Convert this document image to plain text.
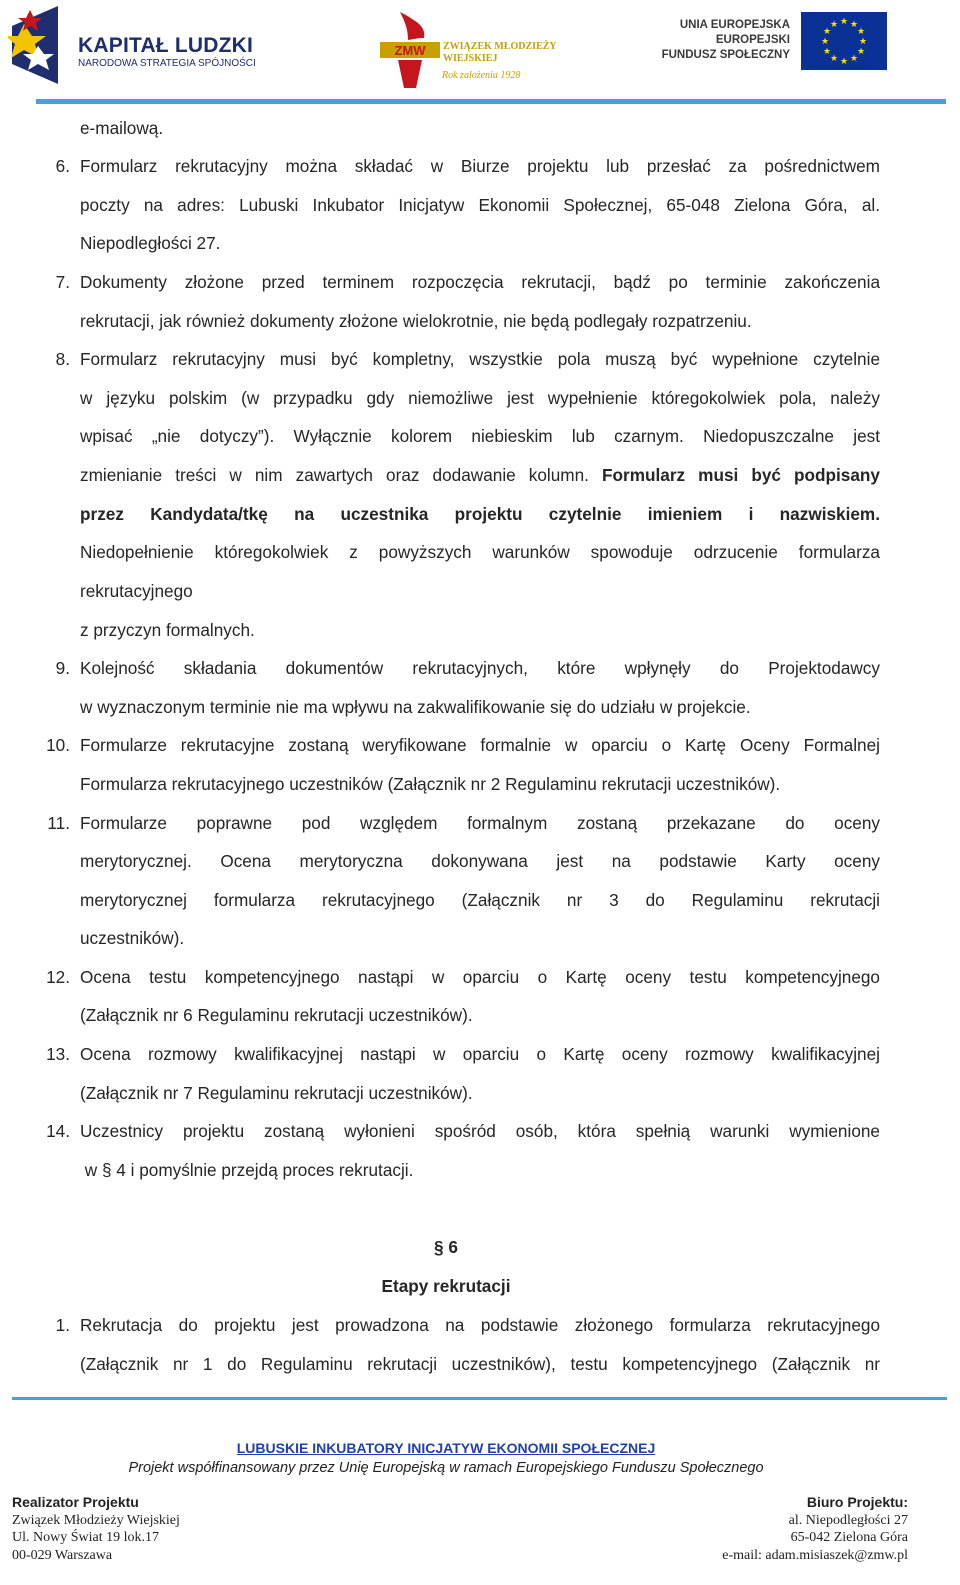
KAPITAŁ LUDZKI
NARODOWA STRATEGIA SPÓJNOŚCI
ZMW ZWIĄZEK MŁODZIEŻY
WIEJSKIEJ
Rok założenia 1928
UNIA EUROPEJSKA
EUROPEJSKI
FUNDUSZ SPOŁECZNY
★ ★
★
★
★
★
★
★
★
★
★
★
e-mailową.
6. Formularz rekrutacyjny można składać w Biurze projektu lub przesłać za pośrednictwem
poczty na adres: Lubuski Inkubator Inicjatyw Ekonomii Społecznej, 65-048 Zielona Góra, al.
Niepodległości 27.
7. Dokumenty złożone przed terminem rozpoczęcia rekrutacji, bądź po terminie zakończenia
rekrutacji, jak również dokumenty złożone wielokrotnie, nie będą podlegały rozpatrzeniu.
8. Formularz rekrutacyjny musi być kompletny, wszystkie pola muszą być wypełnione czytelnie
w języku polskim (w przypadku gdy niemożliwe jest wypełnienie któregokolwiek pola, należy
wpisać „nie dotyczy”). Wyłącznie kolorem niebieskim lub czarnym. Niedopuszczalne jest
zmienianie treści w nim zawartych oraz dodawanie kolumn. Formularz musi być podpisany
przez Kandydata/tkę na uczestnika projektu czytelnie imieniem i nazwiskiem.
Niedopełnienie któregokolwiek z powyższych warunków spowoduje odrzucenie formularza
rekrutacyjnego
z przyczyn formalnych.
9. Kolejność składania dokumentów rekrutacyjnych, które wpłynęły do Projektodawcy
w wyznaczonym terminie nie ma wpływu na zakwalifikowanie się do udziału w projekcie.
10. Formularze rekrutacyjne zostaną weryfikowane formalnie w oparciu o Kartę Oceny Formalnej
Formularza rekrutacyjnego uczestników (Załącznik nr 2 Regulaminu rekrutacji uczestników).
11. Formularze poprawne pod względem formalnym zostaną przekazane do oceny
merytorycznej. Ocena merytoryczna dokonywana jest na podstawie Karty oceny
merytorycznej formularza rekrutacyjnego (Załącznik nr 3 do Regulaminu rekrutacji
uczestników).
12. Ocena testu kompetencyjnego nastąpi w oparciu o Kartę oceny testu kompetencyjnego
(Załącznik nr 6 Regulaminu rekrutacji uczestników).
13. Ocena rozmowy kwalifikacyjnej nastąpi w oparciu o Kartę oceny rozmowy kwalifikacyjnej
(Załącznik nr 7 Regulaminu rekrutacji uczestników).
14. Uczestnicy projektu zostaną wyłonieni spośród osób, która spełnią warunki wymienione
w § 4 i pomyślnie przejdą proces rekrutacji.
§ 6
Etapy rekrutacji
1. Rekrutacja do projektu jest prowadzona na podstawie złożonego formularza rekrutacyjnego
(Załącznik nr 1 do Regulaminu rekrutacji uczestników), testu kompetencyjnego (Załącznik nr
LUBUSKIE INKUBATORY INICJATYW EKONOMII SPOŁECZNEJ
Projekt współfinansowany przez Unię Europejską w ramach Europejskiego Funduszu Społecznego
Realizator Projektu
Związek Młodzieży Wiejskiej
Ul. Nowy Świat 19 lok.17
00-029 Warszawa
Biuro Projektu:
al. Niepodległości 27
65-042 Zielona Góra
e-mail: adam.misiaszek@zmw.pl
